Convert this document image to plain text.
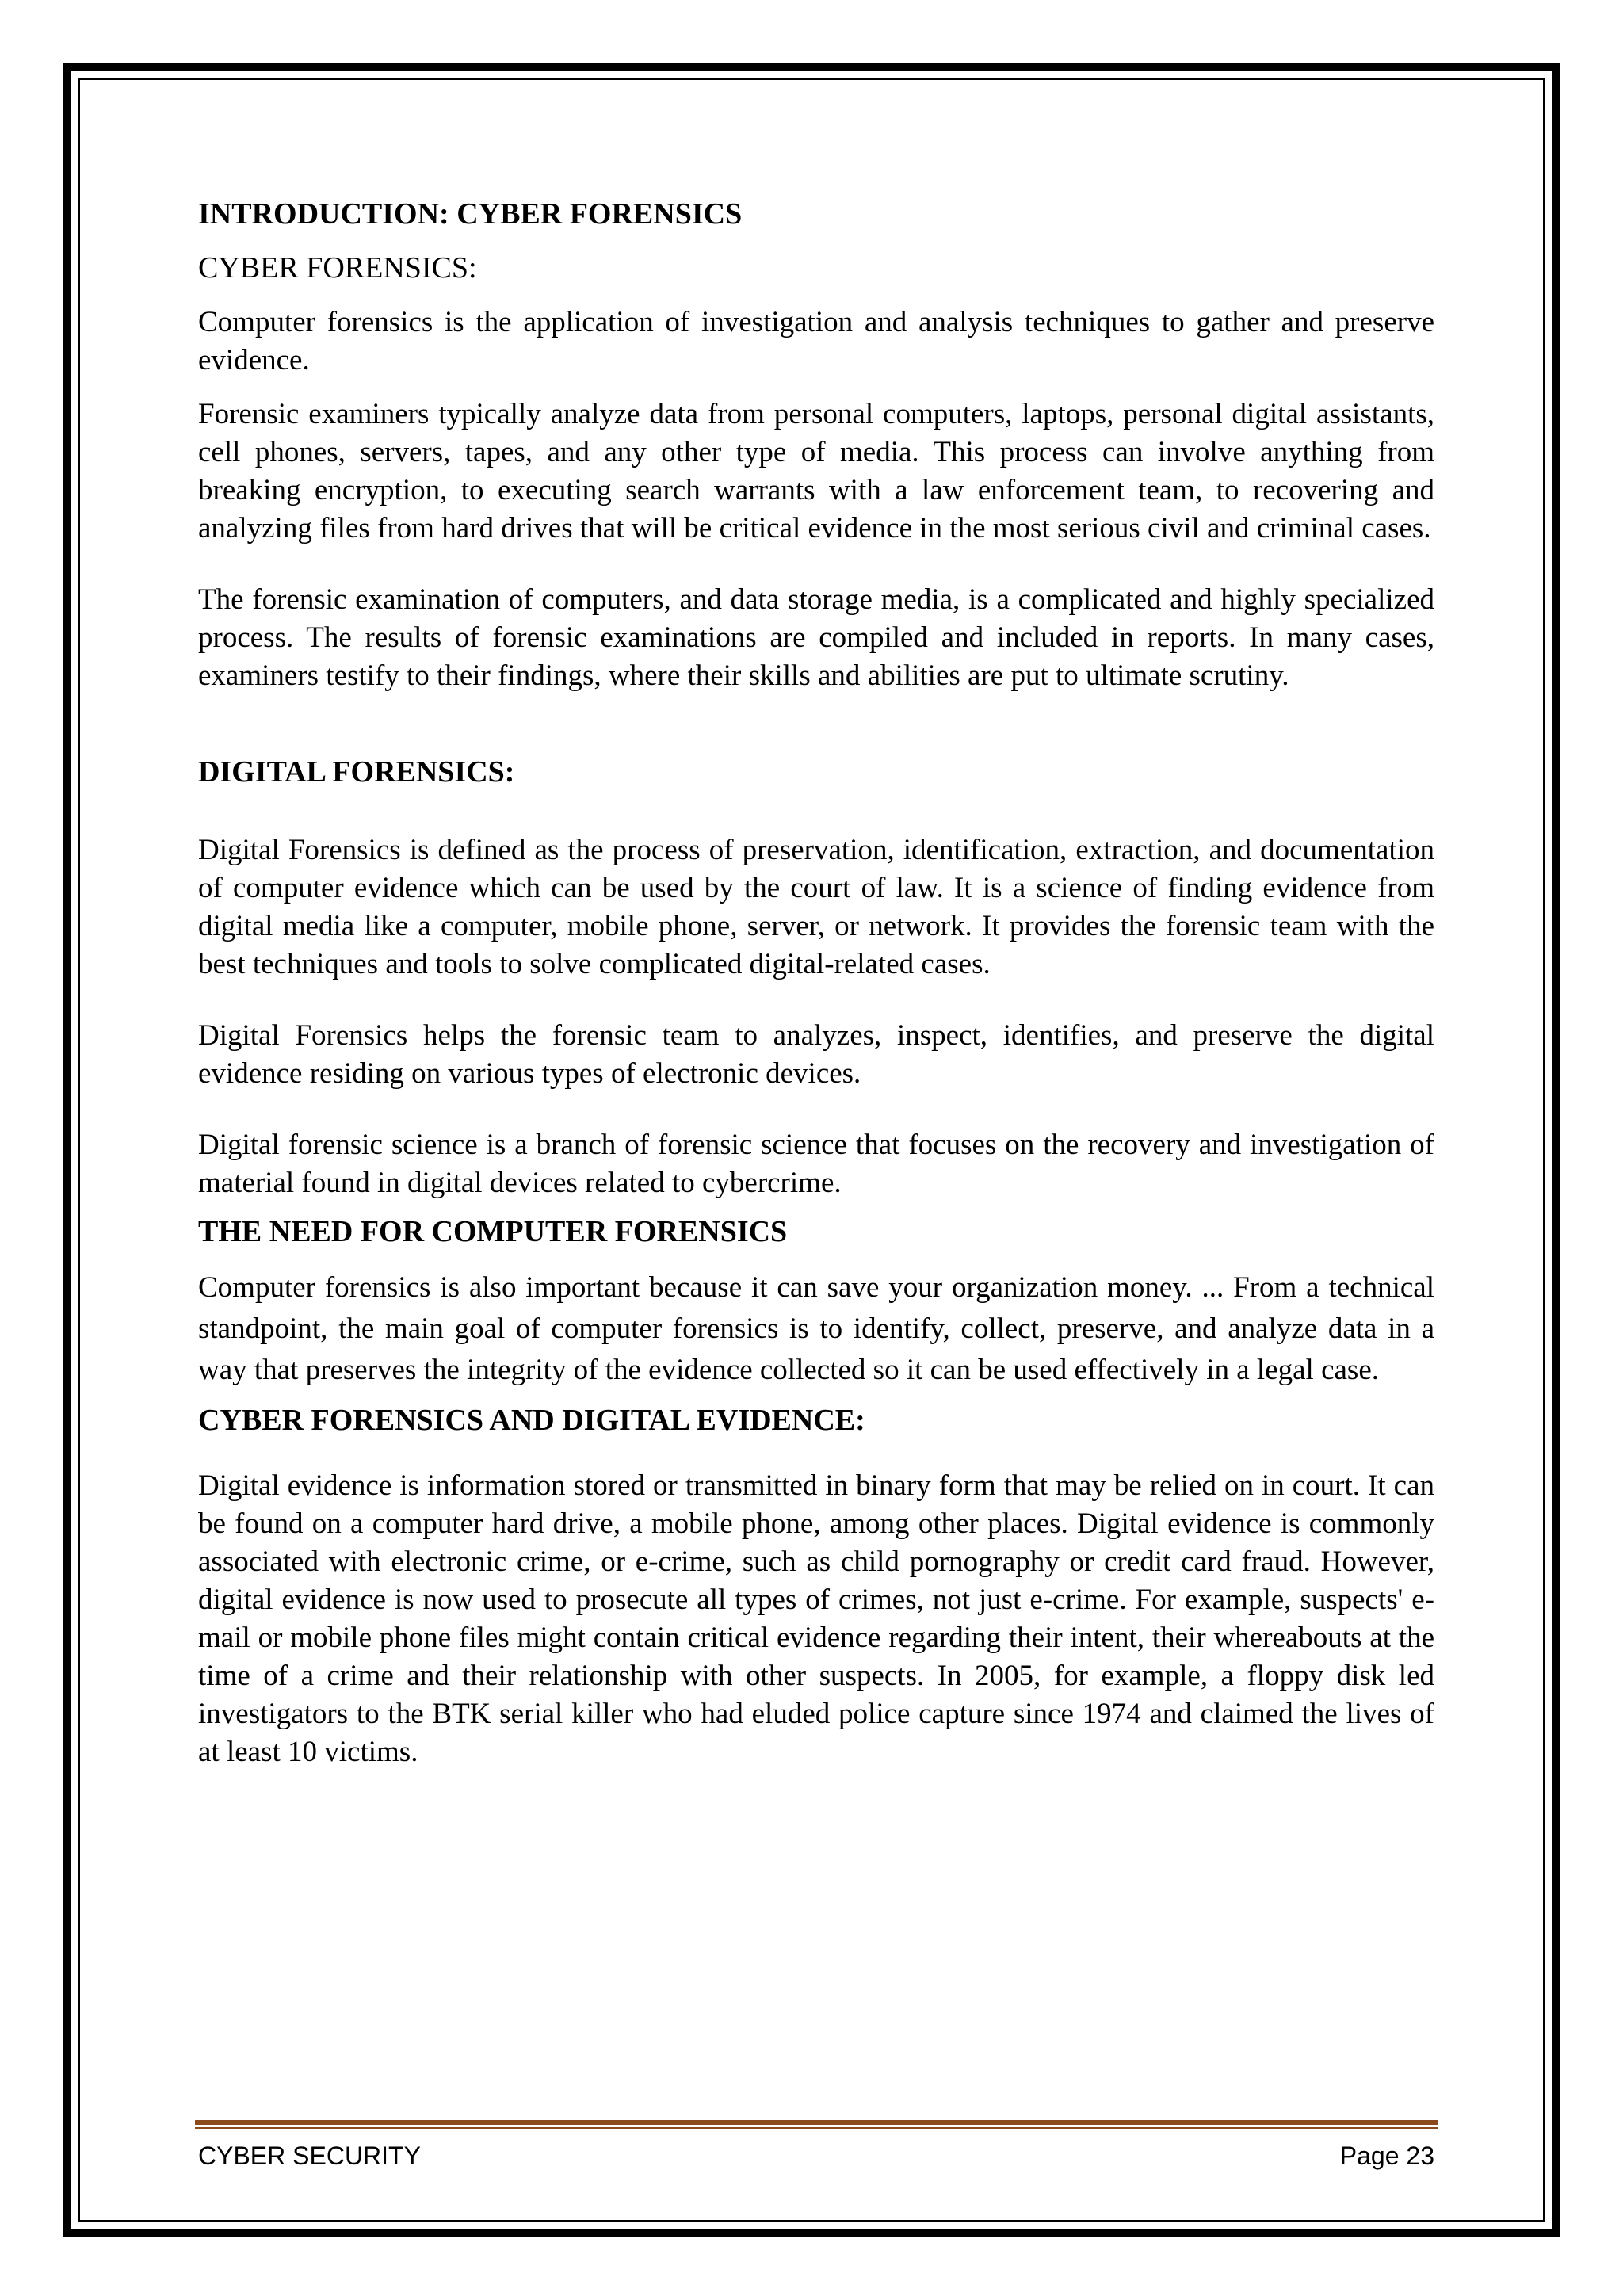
INTRODUCTION: CYBER FORENSICS
CYBER FORENSICS:

Computer forensics is the application of investigation and analysis techniques to gather and preserve evidence.

Forensic examiners typically analyze data from personal computers, laptops, personal digital assistants, cell phones, servers, tapes, and any other type of media. This process can involve anything from breaking encryption, to executing search warrants with a law enforcement team, to recovering and analyzing files from hard drives that will be critical evidence in the most serious civil and criminal cases.

The forensic examination of computers, and data storage media, is a complicated and highly specialized process. The results of forensic examinations are compiled and included in reports. In many cases, examiners testify to their findings, where their skills and abilities are put to ultimate scrutiny.

DIGITAL FORENSICS:

Digital Forensics is defined as the process of preservation, identification, extraction, and documentation of computer evidence which can be used by the court of law. It is a science of finding evidence from digital media like a computer, mobile phone, server, or network. It provides the forensic team with the best techniques and tools to solve complicated digital-related cases.

Digital Forensics helps the forensic team to analyzes, inspect, identifies, and preserve the digital evidence residing on various types of electronic devices.

Digital forensic science is a branch of forensic science that focuses on the recovery and investigation of material found in digital devices related to cybercrime.

THE NEED FOR COMPUTER FORENSICS

Computer forensics is also important because it can save your organization money. ... From a technical standpoint, the main goal of computer forensics is to identify, collect, preserve, and analyze data in a way that preserves the integrity of the evidence collected so it can be used effectively in a legal case.

CYBER FORENSICS AND DIGITAL EVIDENCE:

Digital evidence is information stored or transmitted in binary form that may be relied on in court. It can be found on a computer hard drive, a mobile phone, among other places. Digital evidence is commonly associated with electronic crime, or e-crime, such as child pornography or credit card fraud. However, digital evidence is now used to prosecute all types of crimes, not just e-crime. For example, suspects' e-mail or mobile phone files might contain critical evidence regarding their intent, their whereabouts at the time of a crime and their relationship with other suspects. In 2005, for example, a floppy disk led investigators to the BTK serial killer who had eluded police capture since 1974 and claimed the lives of at least 10 victims.

CYBER SECURITY	Page 23
